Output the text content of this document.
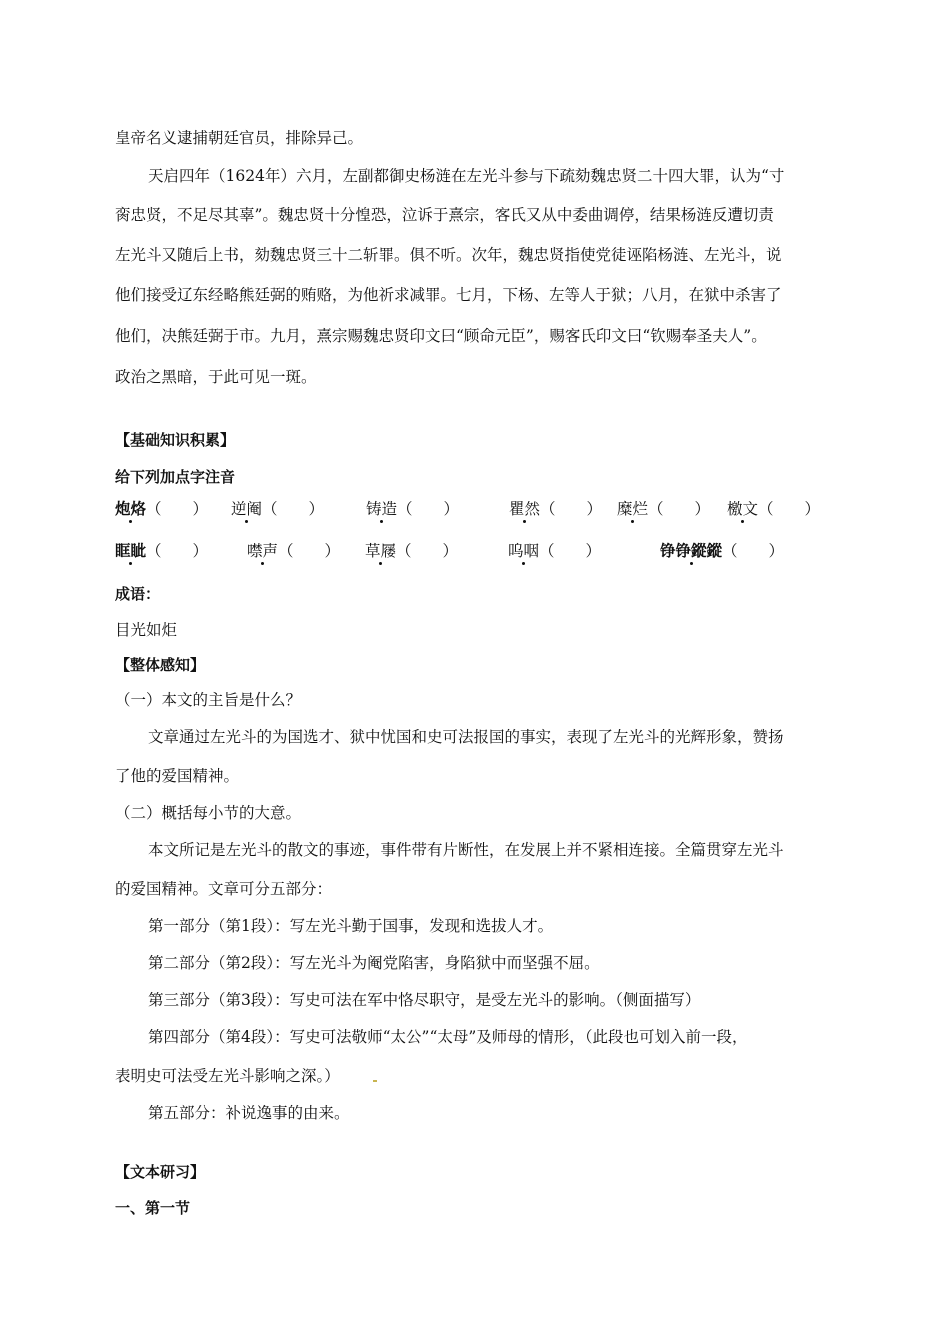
皇帝名义逮捕朝廷官员，排除异己。
天启四年（1624年）六月，左副都御史杨涟在左光斗参与下疏劾魏忠贤二十四大罪，认为“寸
脔忠贤，不足尽其辜”。魏忠贤十分惶恐，泣诉于熹宗，客氏又从中委曲调停，结果杨涟反遭切责
左光斗又随后上书，劾魏忠贤三十二斩罪。俱不听。次年，魏忠贤指使党徒诬陷杨涟、左光斗，说
他们接受辽东经略熊廷弼的贿赂，为他祈求减罪。七月，下杨、左等人于狱；八月，在狱中杀害了
他们，决熊廷弼于市。九月，熹宗赐魏忠贤印文曰“顾命元臣”，赐客氏印文曰“钦赐奉圣夫人”。
政治之黑暗，于此可见一斑。
【基础知识积累】
给下列加点字注音
炮烙（　　） 逆阉（　　）	铸造（　　）	瞿然（　　） 糜烂（　　） 檄文（　　）
眶眦（　　）	噤声（　　） 草屦（　　）	呜咽（　　）	铮铮鏦鏦（　　）
成语：
目光如炬
【整体感知】
（一）本文的主旨是什么？
文章通过左光斗的为国选才、狱中忧国和史可法报国的事实，表现了左光斗的光辉形象，赞扬
了他的爱国精神。
（二）概括每小节的大意。
本文所记是左光斗的散文的事迹，事件带有片断性，在发展上并不紧相连接。全篇贯穿左光斗
的爱国精神。文章可分五部分：
第一部分（第1段）：写左光斗勤于国事，发现和选拔人才。
第二部分（第2段）：写左光斗为阉党陷害，身陷狱中而坚强不屈。
第三部分（第3段）：写史可法在军中恪尽职守，是受左光斗的影响。（侧面描写）
第四部分（第4段）：写史可法敬师“太公”“太母”及师母的情形，（此段也可划入前一段，
表明史可法受左光斗影响之深。）
第五部分：补说逸事的由来。
【文本研习】
一、第一节
